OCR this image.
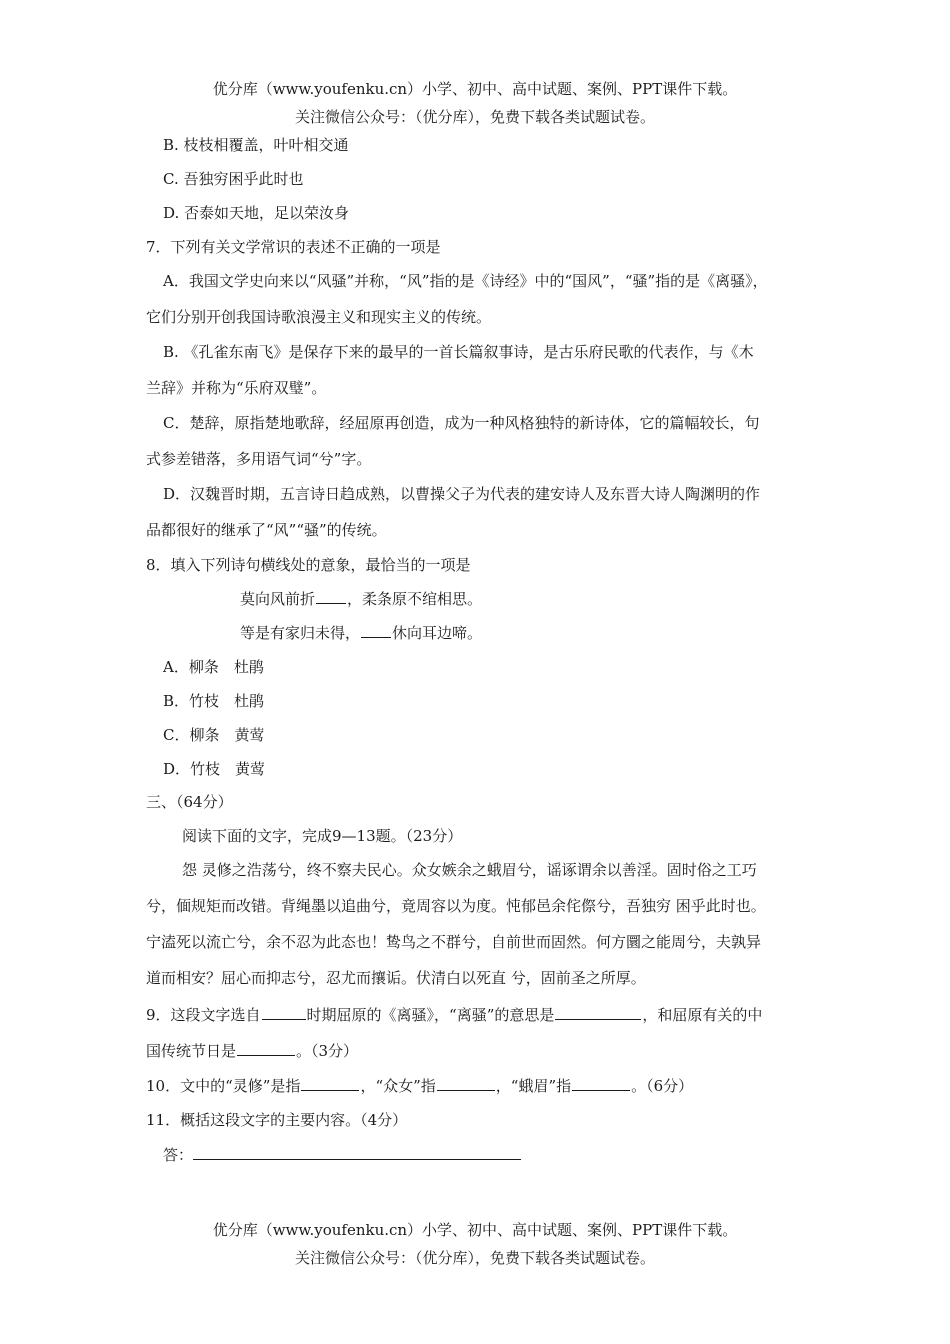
优分库（www.youfenku.cn）小学、初中、高中试题、案例、PPT课件下载。
关注微信公众号：（优分库），免费下载各类试题试卷。
B. 枝枝相覆盖，叶叶相交通
C. 吾独穷困乎此时也
D. 否泰如天地，足以荣汝身
7．下列有关文学常识的表述不正确的一项是
A．我国文学史向来以“风骚”并称，“风”指的是《诗经》中的“国风”，“骚”指的是《离骚》，
它们分别开创我国诗歌浪漫主义和现实主义的传统。
B. 《孔雀东南飞》是保存下来的最早的一首长篇叙事诗，是古乐府民歌的代表作，与《木
兰辞》并称为“乐府双璧”。
C．楚辞，原指楚地歌辞，经屈原再创造，成为一种风格独特的新诗体，它的篇幅较长，句
式参差错落，多用语气词“兮”字。
D．汉魏晋时期，五言诗日趋成熟，以曹操父子为代表的建安诗人及东晋大诗人陶渊明的作
品都很好的继承了“风”“骚”的传统。
8．填入下列诗句横线处的意象，最恰当的一项是
莫向风前折 ，柔条原不绾相思。
等是有家归未得， 休向耳边啼。
A．柳条　杜鹃
B．竹枝　杜鹃
C．柳条　黄莺
D．竹枝　黄莺
三、（64分）
阅读下面的文字，完成9—13题。（23分）
怨 灵修之浩荡兮，终不察夫民心。众女嫉余之蛾眉兮，谣诼谓余以善淫。固时俗之工巧
兮，偭规矩而改错。背绳墨以追曲兮，竟周容以为度。忳郁邑余侘傺兮，吾独穷 困乎此时也。
宁溘死以流亡兮，余不忍为此态也！鸷鸟之不群兮，自前世而固然。何方圜之能周兮，夫孰异
道而相安？屈心而抑志兮，忍尤而攘诟。伏清白以死直 兮，固前圣之所厚。
9．这段文字选自	时期屈原的《离骚》，“离骚”的意思是	，和屈原有关的中
国传统节日是	。（3分）
10．文中的“灵修”是指	，“众女”指	，“蛾眉”指	。（6分）
11．概括这段文字的主要内容。（4分）
答：
优分库（www.youfenku.cn）小学、初中、高中试题、案例、PPT课件下载。
关注微信公众号：（优分库），免费下载各类试题试卷。
